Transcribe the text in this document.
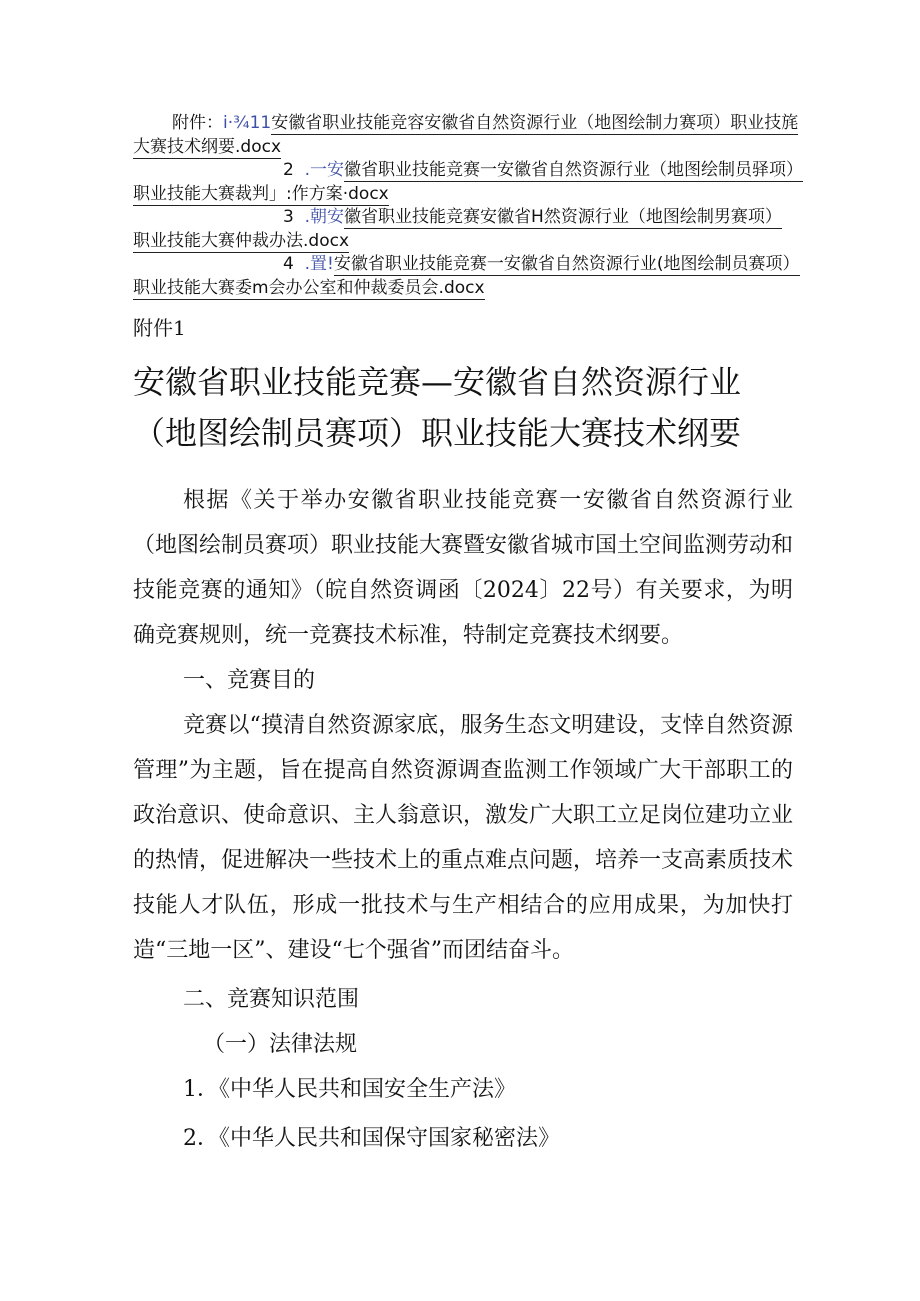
附件：i·¾11安徽省职业技能竞容安徽省自然资源行业（地图绘制力赛项）职业技旄
大赛技术纲要.docx
2 .一安徽省职业技能竞赛一安徽省自然资源行业（地图绘制员驿项）
职业技能大赛裁判」:作方案·docx
3 .朝安徽省职业技能竞赛安徽省H然资源行业（地图绘制男赛项）
职业技能大赛仲裁办法.docx
4 .置!安徽省职业技能竞赛一安徽省自然资源行业(地图绘制员赛项）
职业技能大赛委m会办公室和仲裁委员会.docx
附件1
安徽省职业技能竞赛—安徽省自然资源行业
（地图绘制员赛项）职业技能大赛技术纲要

根据《关于举办安徽省职业技能竞赛一安徽省自然资源行业（地图绘制员赛项）职业技能大赛暨安徽省城市国土空间监测劳动和技能竞赛的通知》（皖自然资调函〔2024〕22号）有关要求，为明确竞赛规则，统一竞赛技术标准，特制定竞赛技术纲要。

一、竞赛目的

竞赛以“摸清自然资源家底，服务生态文明建设，支悻自然资源管理”为主题，旨在提高自然资源调查监测工作领域广大干部职工的政治意识、使命意识、主人翁意识，激发广大职工立足岗位建功立业的热情，促进解决一些技术上的重点难点问题，培养一支高素质技术技能人才队伍，形成一批技术与生产相结合的应用成果，为加快打造“三地一区”、建设“七个强省”而团结奋斗。

二、竞赛知识范围

（一）法律法规

1．《中华人民共和国安全生产法》

2．《中华人民共和国保守国家秘密法》
